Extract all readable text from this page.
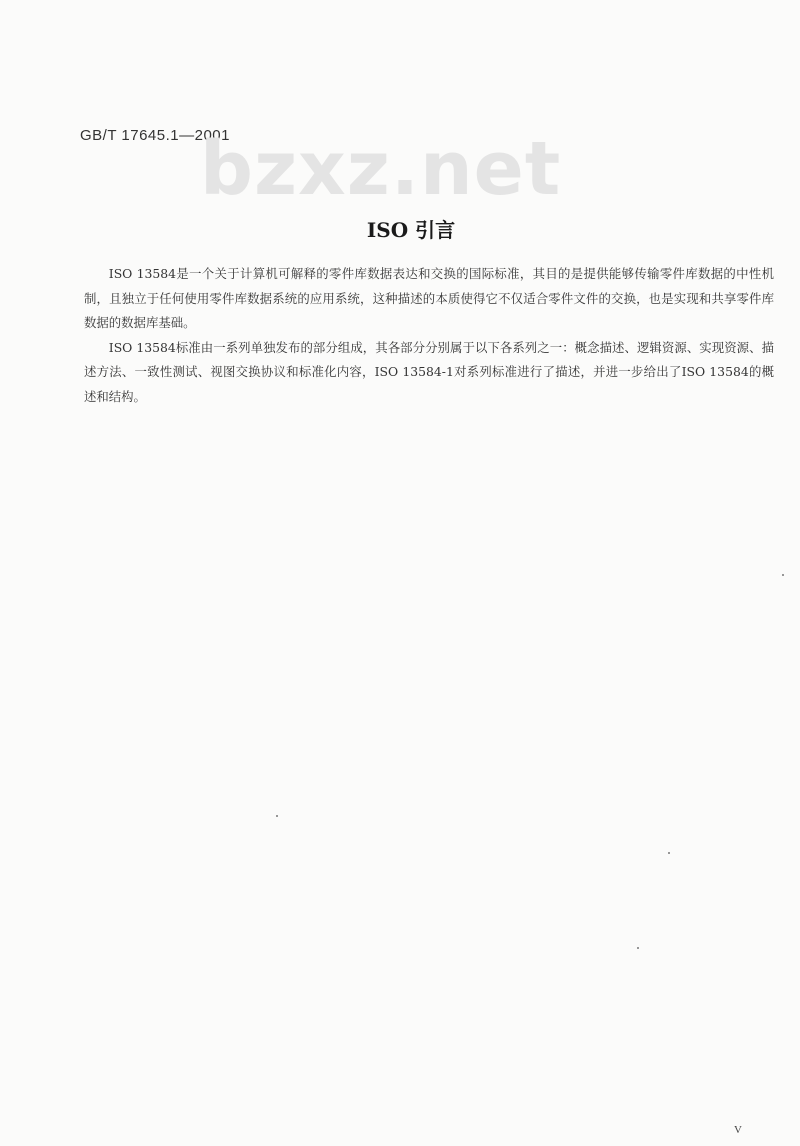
GB/T 17645.1—2001
bzxz.net
ISO 引言

ISO 13584是一个关于计算机可解释的零件库数据表达和交换的国际标准，其目的是提供能够传输零件库数据的中性机制，且独立于任何使用零件库数据系统的应用系统，这种描述的本质使得它不仅适合零件文件的交换，也是实现和共享零件库数据的数据库基础。

ISO 13584标准由一系列单独发布的部分组成，其各部分分别属于以下各系列之一：概念描述、逻辑资源、实现资源、描述方法、一致性测试、视图交换协议和标准化内容，ISO 13584-1对系列标准进行了描述，并进一步给出了ISO 13584的概述和结构。

V
